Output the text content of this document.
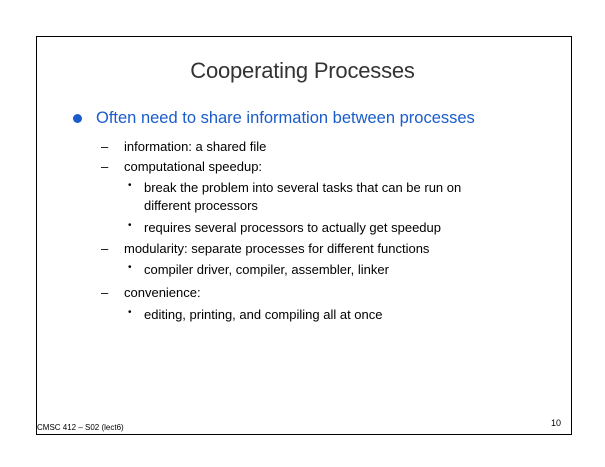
Cooperating Processes
Often need to share information between processes
– information: a shared file
– computational speedup:
• break the problem into several tasks that can be run on
different processors
• requires several processors to actually get speedup
– modularity: separate processes for different functions
• compiler driver, compiler, assembler, linker
– convenience:
• editing, printing, and compiling all at once
CMSC 412 – S02 (lect6)	10
